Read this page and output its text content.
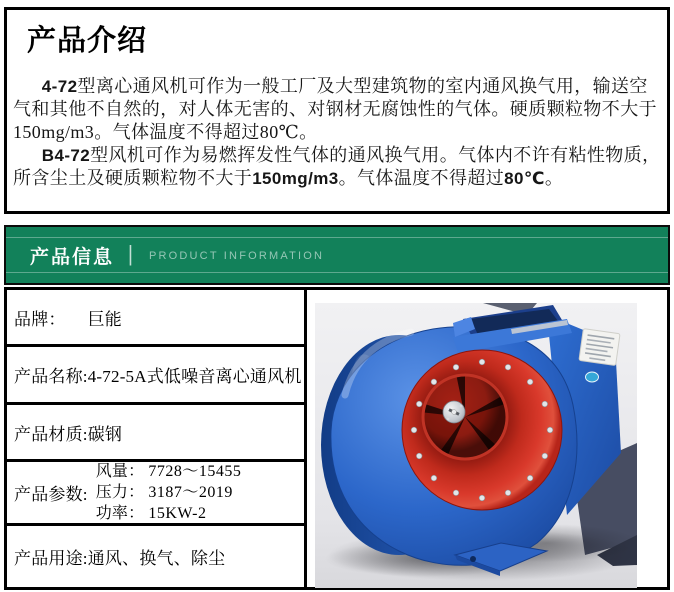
产品介绍

4-72型离心通风机可作为一般工厂及大型建筑物的室内通风换气用，输送空气和其他不自然的，对人体无害的、对钢材无腐蚀性的气体。硬质颗粒物不大于150mg/m3。气体温度不得超过80℃。

B4-72型风机可作为易燃挥发性气体的通风换气用。气体内不许有粘性物质，所含尘土及硬质颗粒物不大于150mg/m3。气体温度不得超过80℃。

产品信息 | PRODUCT INFORMATION
品牌： 巨能
产品名称: 4-72-5A式低噪音离心通风机
产品材质: 碳钢
产品参数:
风量： 7728～15455
压力： 3187～2019
功率： 15KW-2
产品用途: 通风、换气、除尘
